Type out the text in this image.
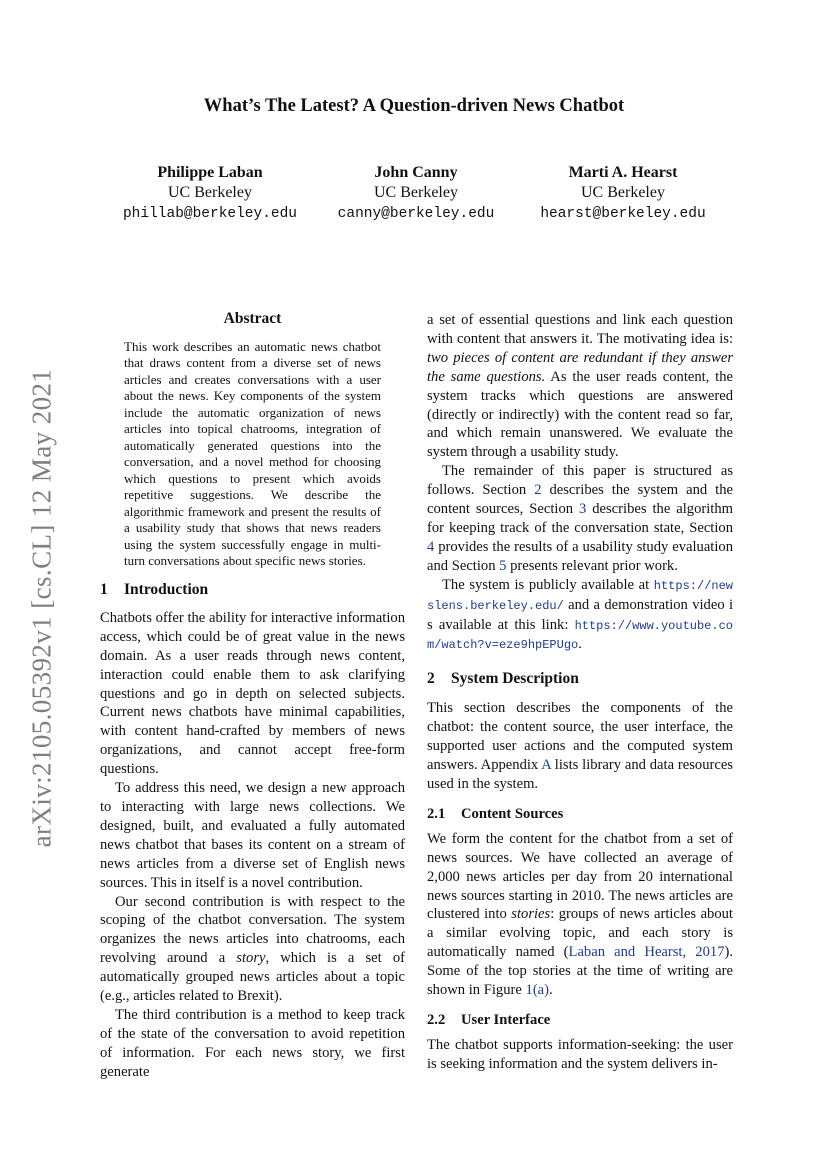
arXiv:2105.05392v1 [cs.CL] 12 May 2021
What’s The Latest? A Question-driven News Chatbot
Philippe Laban
UC Berkeley
phillab@berkeley.edu
John Canny
UC Berkeley
canny@berkeley.edu
Marti A. Hearst
UC Berkeley
hearst@berkeley.edu

Abstract

This work describes an automatic news chatbot that draws content from a diverse set of news articles and creates conversations with a user about the news. Key components of the system include the automatic organization of news articles into topical chatrooms, integration of automatically generated questions into the conversation, and a novel method for choosing which questions to present which avoids repetitive suggestions. We describe the algorithmic framework and present the results of a usability study that shows that news readers using the system successfully engage in multi-turn conversations about specific news stories.

1 Introduction

Chatbots offer the ability for interactive information access, which could be of great value in the news domain. As a user reads through news content, interaction could enable them to ask clarifying questions and go in depth on selected subjects. Current news chatbots have minimal capabilities, with content hand-crafted by members of news organizations, and cannot accept free-form questions.

To address this need, we design a new approach to interacting with large news collections. We designed, built, and evaluated a fully automated news chatbot that bases its content on a stream of news articles from a diverse set of English news sources. This in itself is a novel contribution.

Our second contribution is with respect to the scoping of the chatbot conversation. The system organizes the news articles into chatrooms, each revolving around a story, which is a set of automatically grouped news articles about a topic (e.g., articles related to Brexit).

The third contribution is a method to keep track of the state of the conversation to avoid repetition of information. For each news story, we first generate

a set of essential questions and link each question with content that answers it. The motivating idea is: two pieces of content are redundant if they answer the same questions. As the user reads content, the system tracks which questions are answered (directly or indirectly) with the content read so far, and which remain unanswered. We evaluate the system through a usability study.

The remainder of this paper is structured as follows. Section 2 describes the system and the content sources, Section 3 describes the algorithm for keeping track of the conversation state, Section 4 provides the results of a usability study evaluation and Section 5 presents relevant prior work.

The system is publicly available at https://newslens.berkeley.edu/ and a demonstration video is available at this link: https://www.youtube.com/watch?v=eze9hpEPUgo.

2 System Description

This section describes the components of the chatbot: the content source, the user interface, the supported user actions and the computed system answers. Appendix A lists library and data resources used in the system.

2.1 Content Sources

We form the content for the chatbot from a set of news sources. We have collected an average of 2,000 news articles per day from 20 international news sources starting in 2010. The news articles are clustered into stories: groups of news articles about a similar evolving topic, and each story is automatically named (Laban and Hearst, 2017). Some of the top stories at the time of writing are shown in Figure 1(a).

2.2 User Interface

The chatbot supports information-seeking: the user is seeking information and the system delivers in-
